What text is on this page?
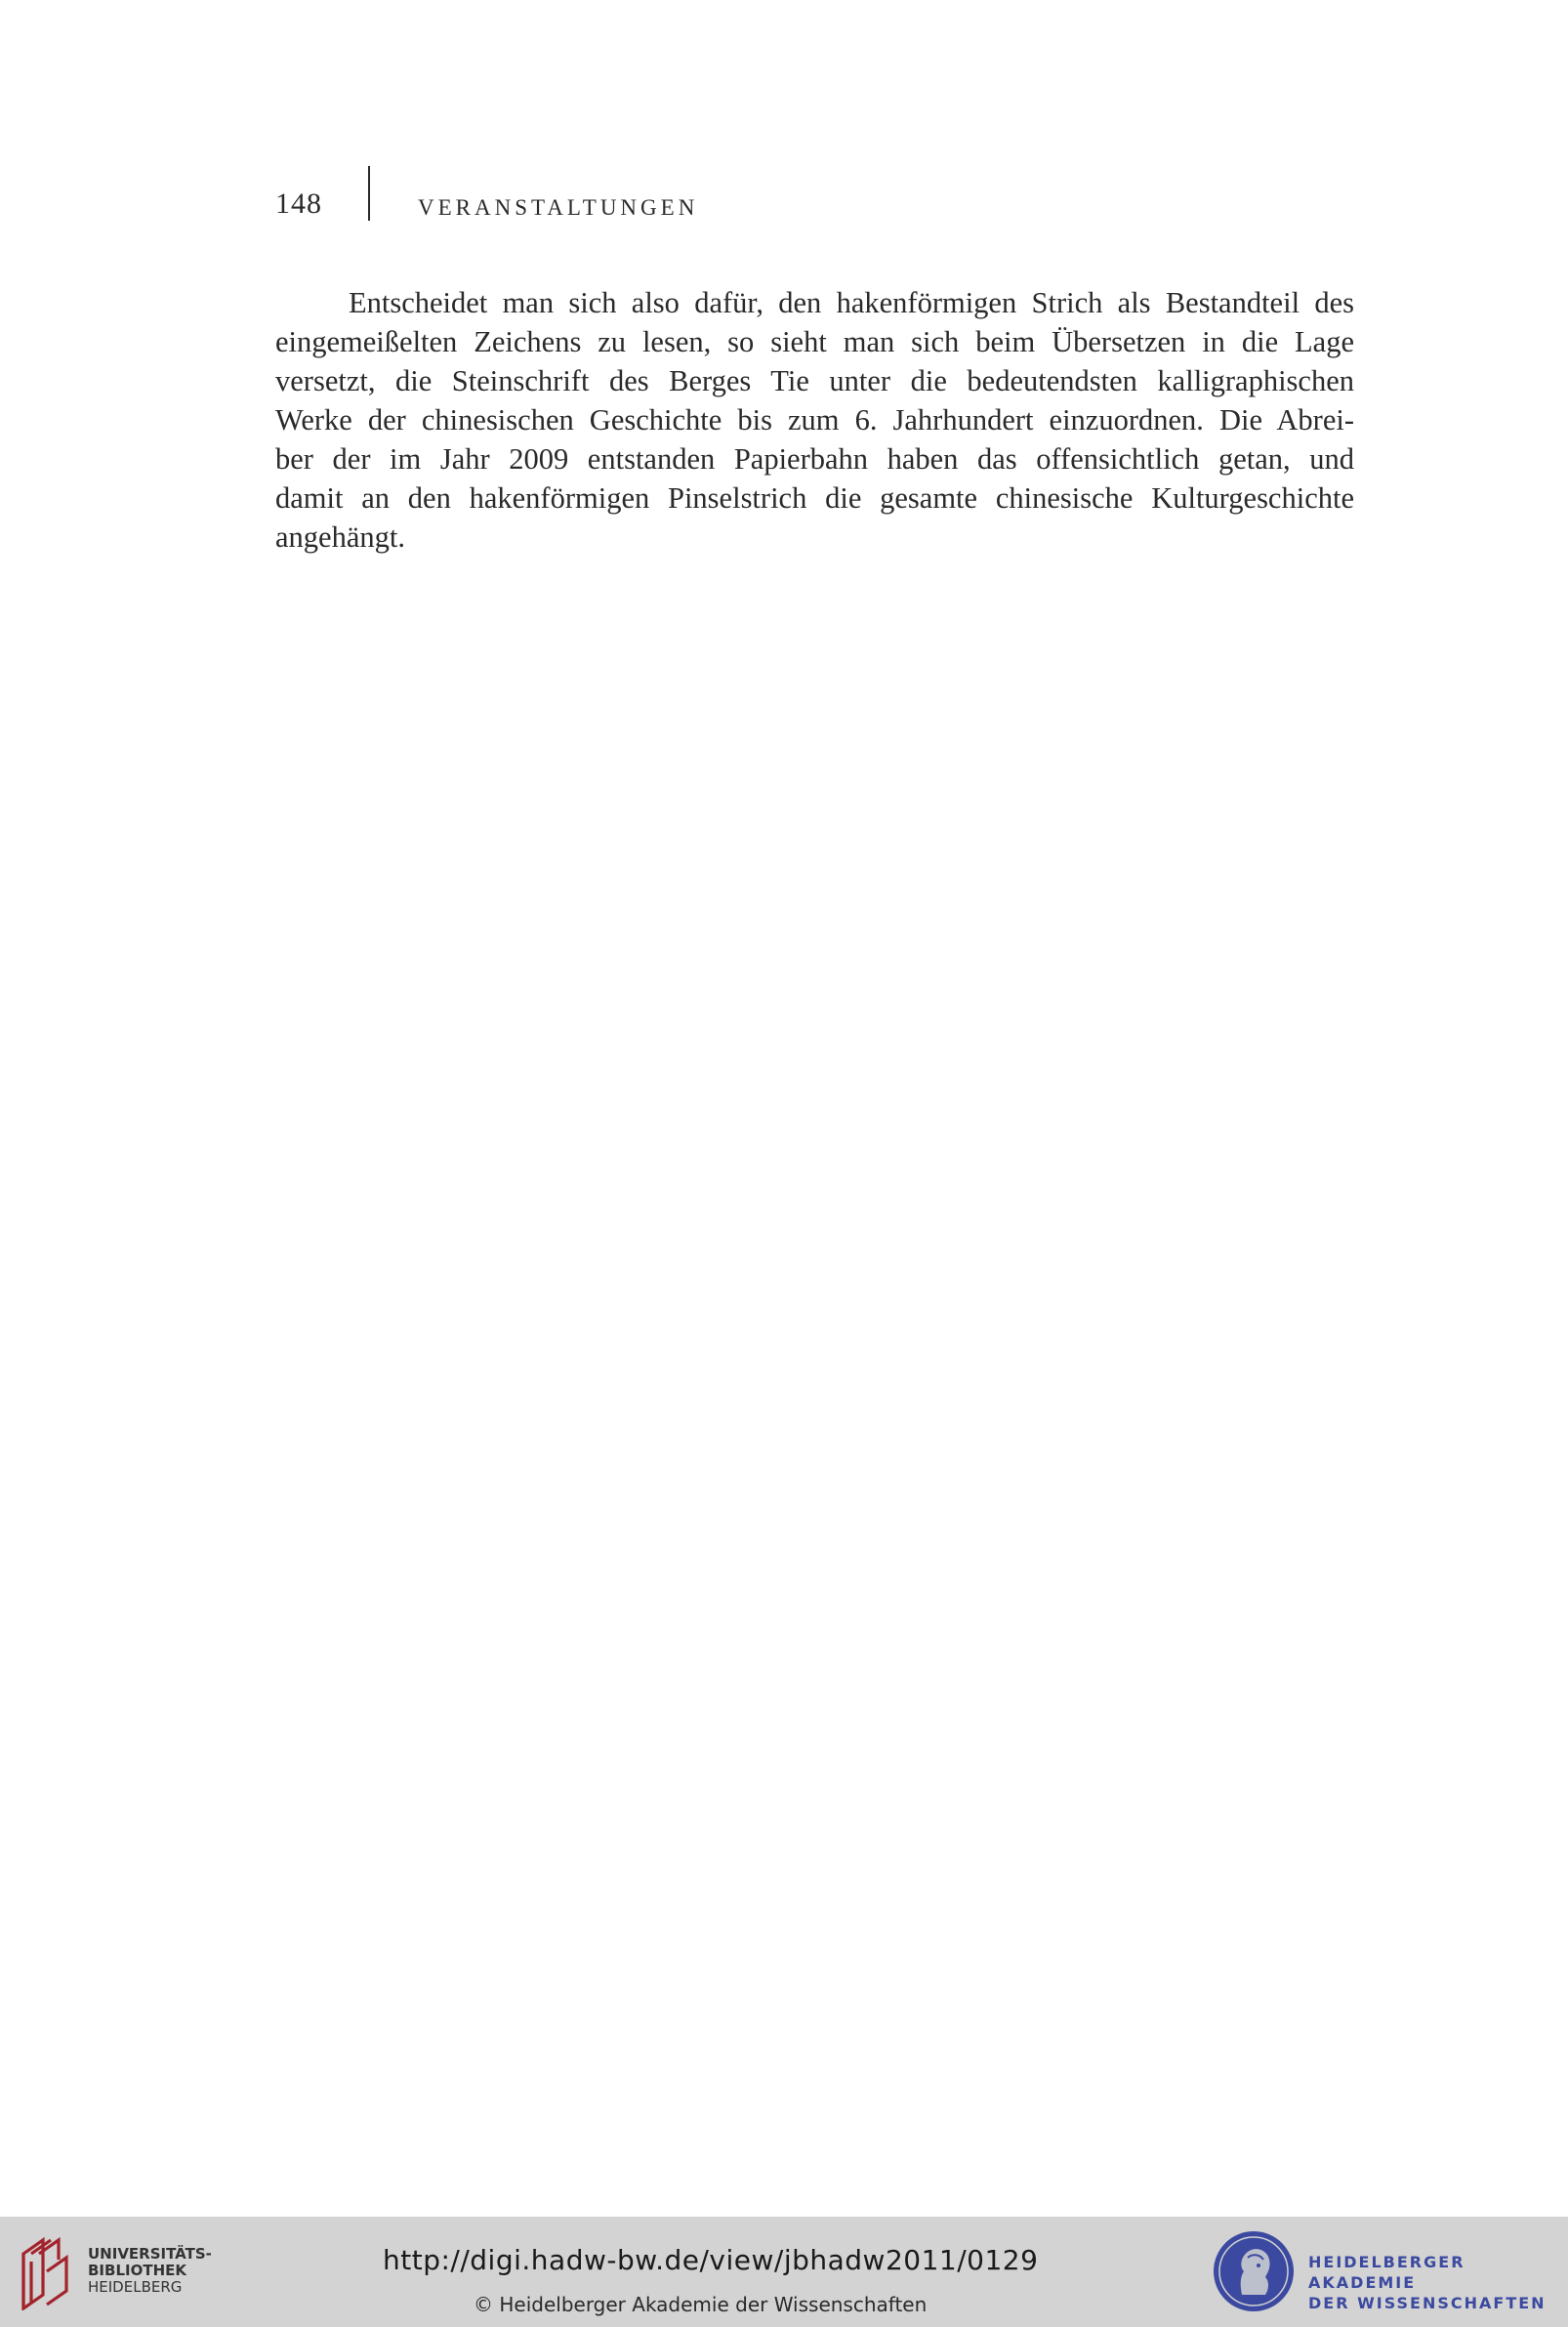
148	VERANSTALTUNGEN
Entscheidet man sich also dafür, den hakenförmigen Strich als Bestandteil des
eingemeißelten Zeichens zu lesen, so sieht man sich beim Übersetzen in die Lage
versetzt, die Steinschrift des Berges Tie unter die bedeutendsten kalligraphischen
Werke der chinesischen Geschichte bis zum 6. Jahrhundert einzuordnen. Die Abrei-
ber der im Jahr 2009 entstanden Papierbahn haben das offensichtlich getan, und
damit an den hakenförmigen Pinselstrich die gesamte chinesische Kulturgeschichte
angehängt.
UNIVERSITÄTS-
BIBLIOTHEK
HEIDELBERG
http://digi.hadw-bw.de/view/jbhadw2011/0129
© Heidelberger Akademie der Wissenschaften
HEIDELBERGER AKADEMIE
DER WISSENSCHAFTEN
